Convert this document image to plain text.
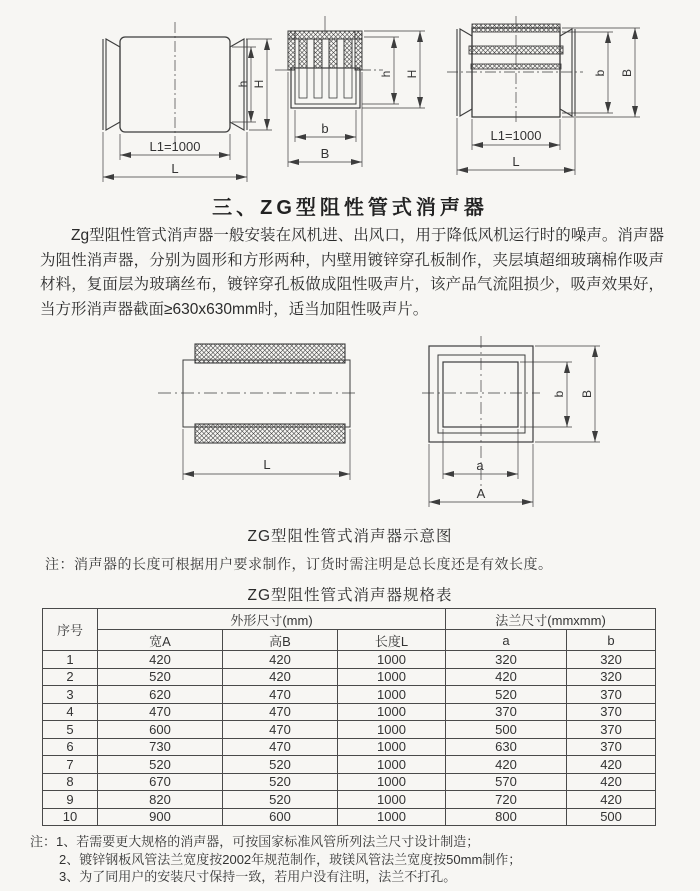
L1=1000
L
h H
b
B
h H
L1=1000
L
b B
三、ZG型阻性管式消声器
Zg型阻性管式消声器一般安装在风机进、出风口，用于降低风机运行时的噪声。消声器为阻性消声器，分别为圆形和方形两种，内壁用镀锌穿孔板制作，夹层填超细玻璃棉作吸声材料，复面层为玻璃丝布，镀锌穿孔板做成阻性吸声片，该产品气流阻损少，吸声效果好，当方形消声器截面≥630x630mm时，适当加阻性吸声片。
L	a
A
b B
ZG型阻性管式消声器示意图
注：消声器的长度可根据用户要求制作，订货时需注明是总长度还是有效长度。
ZG型阻性管式消声器规格表
序号	外形尺寸(mm)			法兰尺寸(mmxmm)	
	宽A	高B	长度L	a	b
1	420	420	1000	320	320
2	520	420	1000	420	320
3	620	470	1000	520	370
4	470	470	1000	370	370
5	600	470	1000	500	370
6	730	470	1000	630	370
7	520	520	1000	420	420
8	670	520	1000	570	420
9	820	520	1000	720	420
10	900	600	1000	800	500
注：1、若需要更大规格的消声器，可按国家标准风管所列法兰尺寸设计制造；
2、镀锌钢板风管法兰宽度按2002年规范制作，玻镁风管法兰宽度按50mm制作；
3、为了同用户的安装尺寸保持一致，若用户没有注明，法兰不打孔。
